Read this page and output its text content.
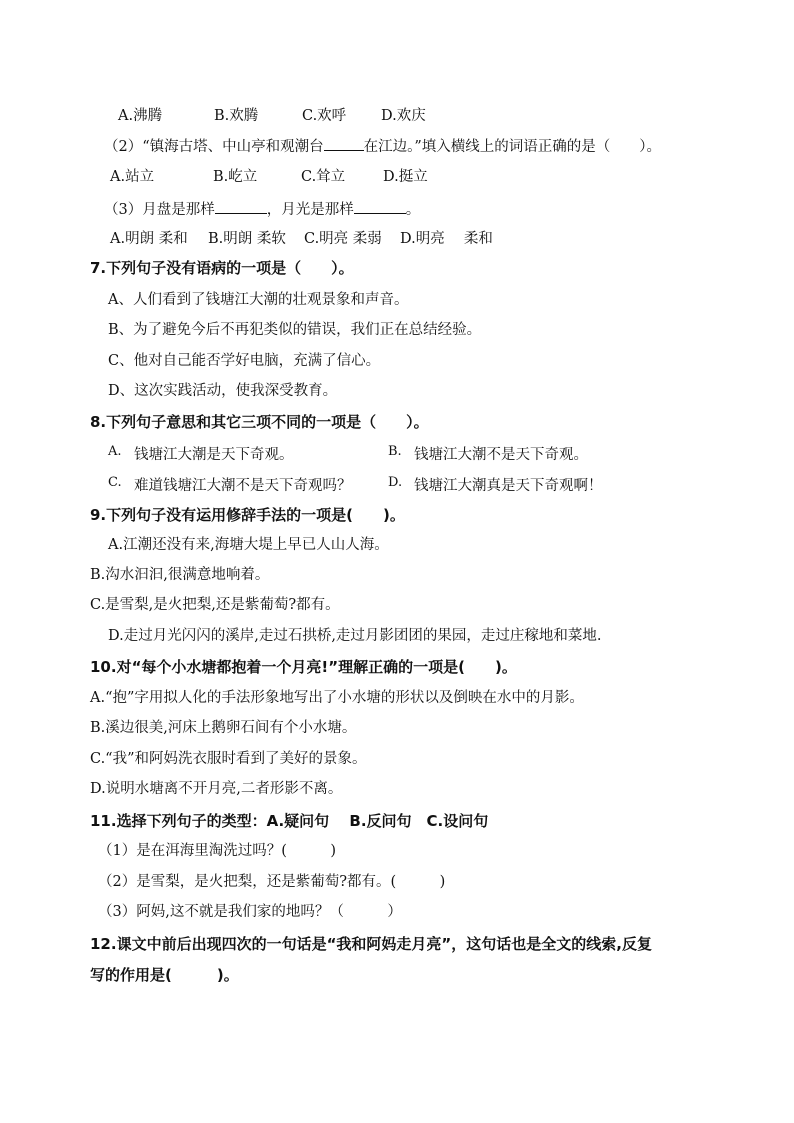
A.沸腾	B.欢腾	C.欢呼 D.欢庆
（2）“镇海古塔、中山亭和观潮台	在江边。”填入横线上的词语正确的是（　　）。
A.站立	B.屹立	C.耸立	D.挺立
（3）月盘是那样	，月光是那样	。
A.明朗 柔和 B.明朗 柔软 C.明亮 柔弱 D.明亮　 柔和
7.下列句子没有语病的一项是（　　）。
A、人们看到了钱塘江大潮的壮观景象和声音。
B、为了避免今后不再犯类似的错误，我们正在总结经验。
C、他对自己能否学好电脑，充满了信心。
D、这次实践活动，使我深受教育。
8.下列句子意思和其它三项不同的一项是（　　）。
A. 钱塘江大潮是天下奇观。	B. 钱塘江大潮不是天下奇观。
C. 难道钱塘江大潮不是天下奇观吗？	D. 钱塘江大潮真是天下奇观啊！
9.下列句子没有运用修辞手法的一项是(　　)。
A.江潮还没有来,海塘大堤上早已人山人海。
B.沟水汩汩,很满意地响着。
C.是雪梨,是火把梨,还是紫葡萄?都有。
D.走过月光闪闪的溪岸,走过石拱桥,走过月影团团的果园，走过庄稼地和菜地.
10.对“每个小水塘都抱着一个月亮!”理解正确的一项是(　　)。
A.“抱”字用拟人化的手法形象地写出了小水塘的形状以及倒映在水中的月影。
B.溪边很美,河床上鹅卵石间有个小水塘。
C.“我”和阿妈洗衣服时看到了美好的景象。
D.说明水塘离不开月亮,二者形影不离。
11.选择下列句子的类型：A.疑问句　 B.反问句　C.设问句
（1）是在洱海里淘洗过吗？(　　　)
（2）是雪梨，是火把梨，还是紫葡萄?都有。(　　　)
（3）阿妈,这不就是我们家的地吗？（　　　）
12.课文中前后出现四次的一句话是“我和阿妈走月亮”，这句话也是全文的线索,反复
写的作用是(　　　)。
